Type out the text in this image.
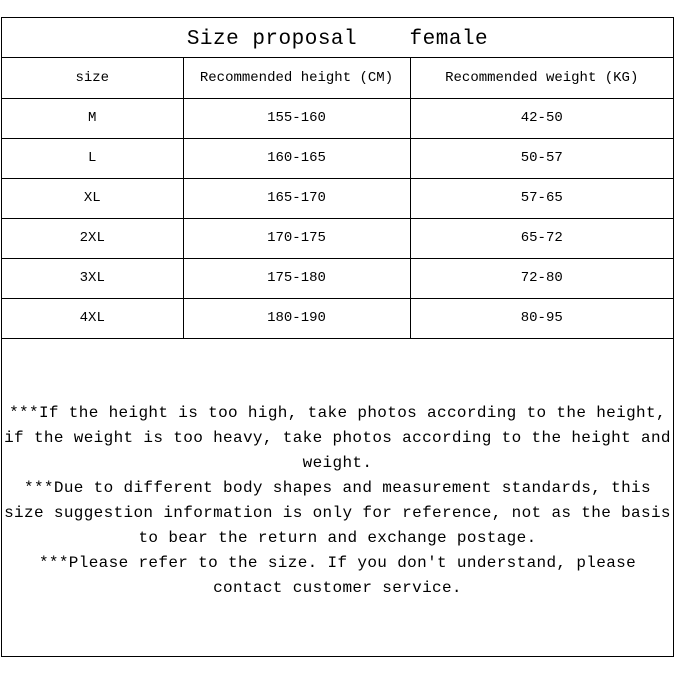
Size proposal    female
size	Recommended height (CM)	Recommended weight (KG)
M	155-160	42-50
L	160-165	50-57
XL	165-170	57-65
2XL	170-175	65-72
3XL	175-180	72-80
4XL	180-190	80-95

***If the height is too high, take photos according to the height, if the weight is too heavy, take photos according to the height and weight.

***Due to different body shapes and measurement standards, this size suggestion information is only for reference, not as the basis to bear the return and exchange postage.

***Please refer to the size. If you don't understand, please contact customer service.
